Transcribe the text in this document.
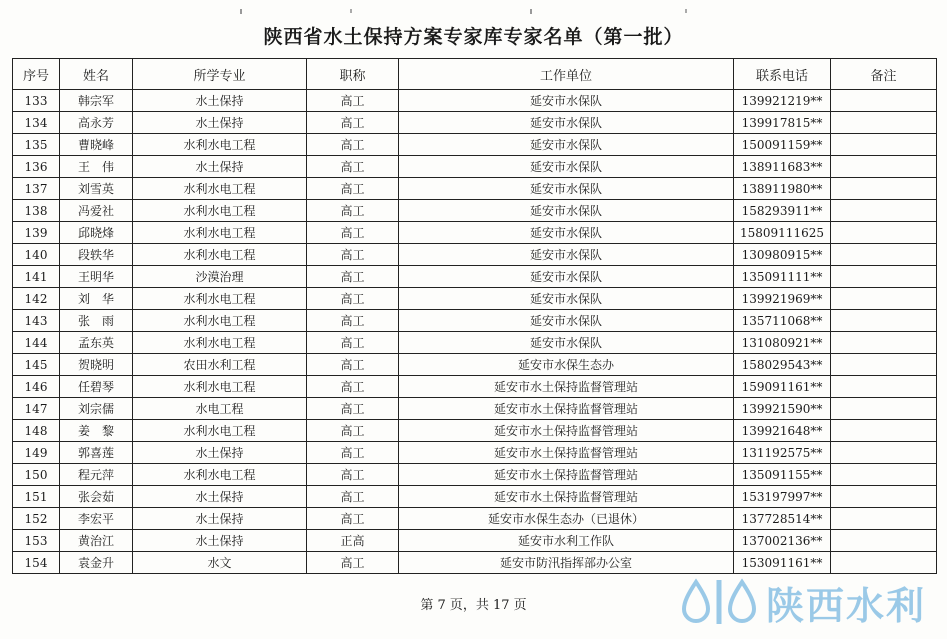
陕西省水土保持方案专家库专家名单（第一批）
序号	姓名	所学专业	职称	工作单位	联系电话	备注
133	韩宗军	水土保持	高工	延安市水保队	139921219**	
134	高永芳	水土保持	高工	延安市水保队	139917815**	
135	曹晓峰	水利水电工程	高工	延安市水保队	150091159**	
136	王　伟	水土保持	高工	延安市水保队	138911683**	
137	刘雪英	水利水电工程	高工	延安市水保队	138911980**	
138	冯爱社	水利水电工程	高工	延安市水保队	158293911**	
139	邱晓烽	水利水电工程	高工	延安市水保队	15809111625	
140	段轶华	水利水电工程	高工	延安市水保队	130980915**	
141	王明华	沙漠治理	高工	延安市水保队	135091111**	
142	刘　华	水利水电工程	高工	延安市水保队	139921969**	
143	张　雨	水利水电工程	高工	延安市水保队	135711068**	
144	孟东英	水利水电工程	高工	延安市水保队	131080921**	
145	贺晓明	农田水利工程	高工	延安市水保生态办	158029543**	
146	任碧琴	水利水电工程	高工	延安市水土保持监督管理站	159091161**	
147	刘宗儒	水电工程	高工	延安市水土保持监督管理站	139921590**	
148	姜　黎	水利水电工程	高工	延安市水土保持监督管理站	139921648**	
149	郭喜莲	水土保持	高工	延安市水土保持监督管理站	131192575**	
150	程元萍	水利水电工程	高工	延安市水土保持监督管理站	135091155**	
151	张会茹	水土保持	高工	延安市水土保持监督管理站	153197997**	
152	李宏平	水土保持	高工	延安市水保生态办（已退休）	137728514**	
153	黄治江	水土保持	正高	延安市水利工作队	137002136**	
154	袁金升	水文	高工	延安市防汛指挥部办公室	153091161**	
第 7 页，共 17 页	陕西水利
